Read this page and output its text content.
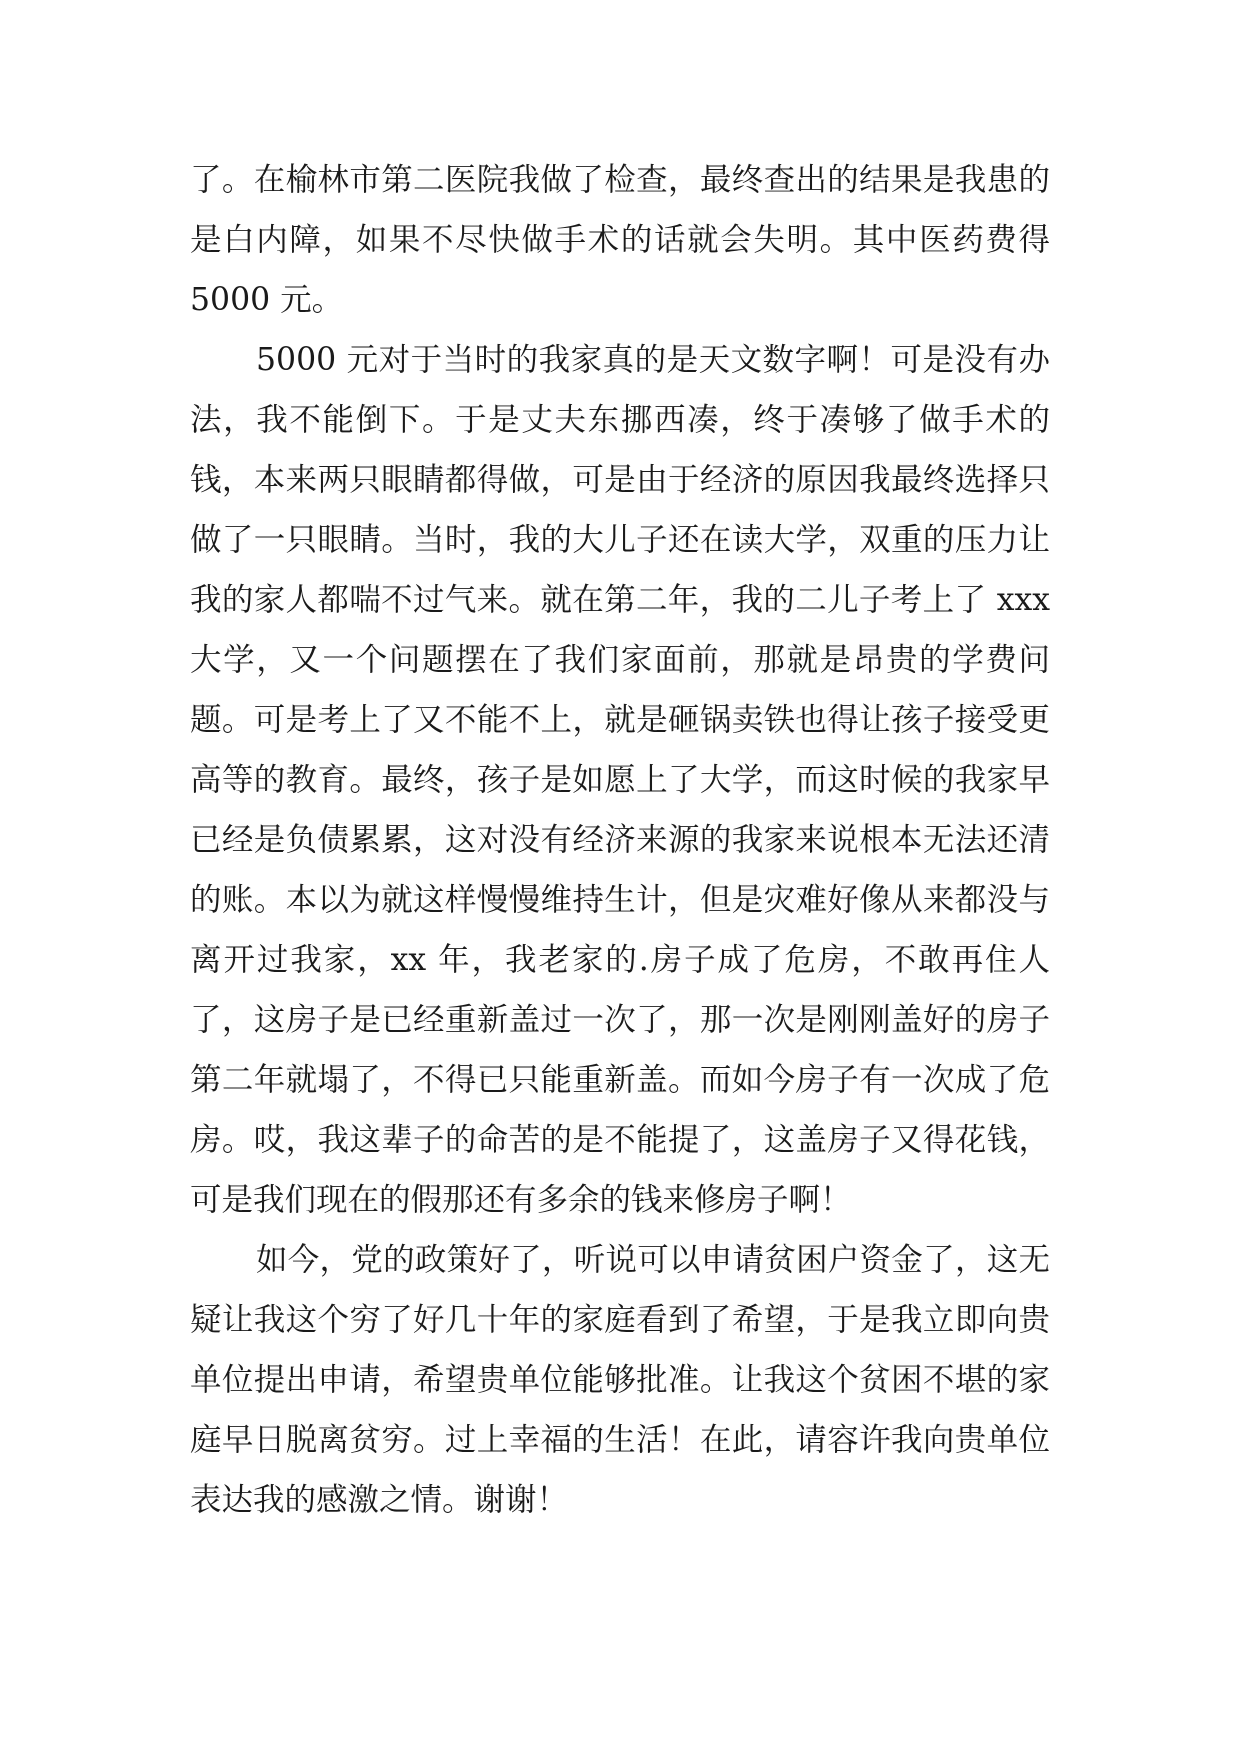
了。在榆林市第二医院我做了检查，最终查出的结果是我患的是白内障，如果不尽快做手术的话就会失明。其中医药费得 5000 元。

5000 元对于当时的我家真的是天文数字啊！可是没有办法，我不能倒下。于是丈夫东挪西凑，终于凑够了做手术的钱，本来两只眼睛都得做，可是由于经济的原因我最终选择只做了一只眼睛。当时，我的大儿子还在读大学，双重的压力让我的家人都喘不过气来。就在第二年，我的二儿子考上了 xxx 大学，又一个问题摆在了我们家面前，那就是昂贵的学费问题。可是考上了又不能不上，就是砸锅卖铁也得让孩子接受更高等的教育。最终，孩子是如愿上了大学，而这时候的我家早已经是负债累累，这对没有经济来源的我家来说根本无法还清的账。本以为就这样慢慢维持生计，但是灾难好像从来都没与离开过我家，xx 年，我老家的.房子成了危房，不敢再住人了，这房子是已经重新盖过一次了，那一次是刚刚盖好的房子第二年就塌了，不得已只能重新盖。而如今房子有一次成了危房。哎，我这辈子的命苦的是不能提了，这盖房子又得花钱，可是我们现在的假那还有多余的钱来修房子啊！

如今，党的政策好了，听说可以申请贫困户资金了，这无疑让我这个穷了好几十年的家庭看到了希望，于是我立即向贵单位提出申请，希望贵单位能够批准。让我这个贫困不堪的家庭早日脱离贫穷。过上幸福的生活！在此，请容许我向贵单位表达我的感激之情。谢谢！
